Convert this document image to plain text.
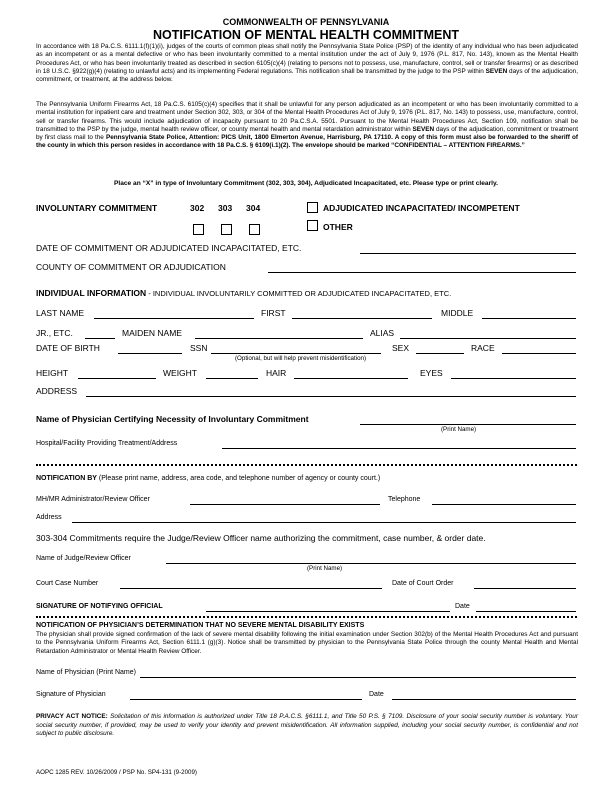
COMMONWEALTH OF PENNSYLVANIA
NOTIFICATION OF MENTAL HEALTH COMMITMENT
In accordance with 18 Pa.C.S. 6111.1(f)(1)(i), judges of the courts of common pleas shall notify the Pennsylvania State Police (PSP) of the identity of any individual who has been adjudicated as an incompetent or as a mental defective or who has been involuntarily committed to a mental institution under the act of July 9, 1976 (P.L. 817, No. 143), known as the Mental Health Procedures Act, or who has been involuntarily treated as described in section 6105(c)(4) (relating to persons not to possess, use, manufacture, control, sell or transfer firearms) or as described in 18 U.S.C. §922(g)(4) (relating to unlawful acts) and its implementing Federal regulations. This notification shall be transmitted by the judge to the PSP within SEVEN days of the adjudication, commitment, or treatment, at the address below.
The Pennsylvania Uniform Firearms Act, 18 Pa.C.S. 6105(c)(4) specifies that it shall be unlawful for any person adjudicated as an incompetent or who has been involuntarily committed to a mental institution for inpatient care and treatment under Section 302, 303, or 304 of the Mental Health Procedures Act of July 9, 1976 (P.L. 817, No. 143) to possess, use, manufacture, control, sell or transfer firearms. This would include adjudication of incapacity pursuant to 20 Pa.C.S.A. 5501. Pursuant to the Mental Health Procedures Act, Section 109, notification shall be transmitted to the PSP by the judge, mental health review officer, or county mental health and mental retardation administrator within SEVEN days of the adjudication, commitment or treatment by first class mail to the Pennsylvania State Police, Attention: PICS Unit, 1800 Elmerton Avenue, Harrisburg, PA 17110. A copy of this form must also be forwarded to the sheriff of the county in which this person resides in accordance with 18 Pa.C.S. § 6109(i.1)(2). The envelope should be marked “CONFIDENTIAL – ATTENTION FIREARMS.”
Place an “X” in type of Involuntary Commitment (302, 303, 304), Adjudicated Incapacitated, etc. Please type or print clearly.
INVOLUNTARY COMMITMENT	302 303 304	ADJUDICATED INCAPACITATED/ INCOMPETENT
OTHER
DATE OF COMMITMENT OR ADJUDICATED INCAPACITATED, ETC.
COUNTY OF COMMITMENT OR ADJUDICATION
INDIVIDUAL INFORMATION - INDIVIDUAL INVOLUNTARILY COMMITTED OR ADJUDICATED INCAPACITATED, ETC.
LAST NAME	FIRST	MIDDLE
JR., ETC.	MAIDEN NAME	ALIAS
DATE OF BIRTH	SSN
(Optional, but will help prevent misidentification)
SEX	RACE
HEIGHT	WEIGHT	HAIR	EYES
ADDRESS
Name of Physician Certifying Necessity of Involuntary Commitment
(Print Name)
Hospital/Facility Providing Treatment/Address
NOTIFICATION BY (Please print name, address, area code, and telephone number of agency or county court.)
MH/MR Administrator/Review Officer	Telephone
Address
303-304 Commitments require the Judge/Review Officer name authorizing the commitment, case number, & order date.
Name of Judge/Review Officer
(Print Name)
Court Case Number	Date of Court Order
SIGNATURE OF NOTIFYING OFFICIAL	Date
NOTIFICATION OF PHYSICIAN’S DETERMINATION THAT NO SEVERE MENTAL DISABILITY EXISTS
The physician shall provide signed confirmation of the lack of severe mental disability following the initial examination under Section 302(b) of the Mental Health Procedures Act and pursuant to the Pennsylvania Uniform Firearms Act, Section 6111.1 (g)(3). Notice shall be transmitted by physician to the Pennsylvania State Police through the county Mental Health and Mental Retardation Administrator or Mental Health Review Officer.
Name of Physician (Print Name)
Signature of Physician	Date
PRIVACY ACT NOTICE: Solicitation of this information is authorized under Title 18 P.A.C.S. §6111.1, and Title 50 P.S. § 7109. Disclosure of your social security number is voluntary. Your social security number, if provided, may be used to verify your identity and prevent misidentification. All information supplied, including your social security number, is confidential and not subject to public disclosure.
AOPC 1285 REV. 10/26/2009 / PSP No. SP4-131 (9-2009)
